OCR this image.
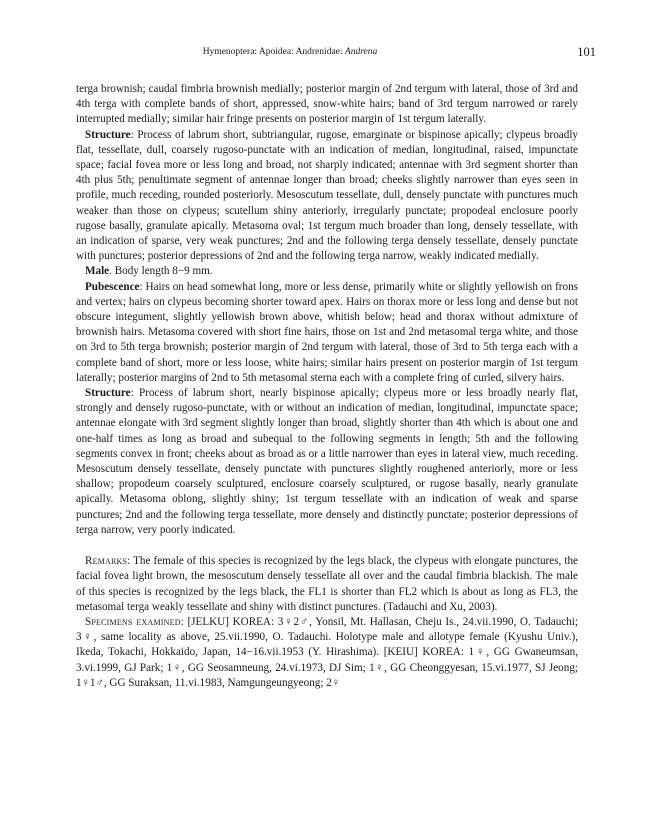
Hymenoptera: Apoidea: Andrenidae: Andrena	101

terga brownish; caudal fimbria brownish medially; posterior margin of 2nd tergum with lateral, those of 3rd and 4th terga with complete bands of short, appressed, snow-white hairs; band of 3rd tergum narrowed or rarely interrupted medially; similar hair fringe presents on posterior margin of 1st tergum laterally.

Structure: Process of labrum short, subtriangular, rugose, emarginate or bispinose apically; clypeus broadly flat, tessellate, dull, coarsely rugoso-punctate with an indication of median, longitudinal, raised, impunctate space; facial fovea more or less long and broad, not sharply indicated; antennae with 3rd segment shorter than 4th plus 5th; penultimate segment of antennae longer than broad; cheeks slightly narrower than eyes seen in profile, much receding, rounded posteriorly. Mesoscutum tessellate, dull, densely punctate with punctures much weaker than those on clypeus; scutellum shiny anteriorly, irregularly punctate; propodeal enclosure poorly rugose basally, granulate apically. Metasoma oval; 1st tergum much broader than long, densely tessellate, with an indication of sparse, very weak punctures; 2nd and the following terga densely tessellate, densely punctate with punctures; posterior depressions of 2nd and the following terga narrow, weakly indicated medially.

Male. Body length 8−9 mm.

Pubescence: Hairs on head somewhat long, more or less dense, primarily white or slightly yellowish on frons and vertex; hairs on clypeus becoming shorter toward apex. Hairs on thorax more or less long and dense but not obscure integument, slightly yellowish brown above, whitish below; head and thorax without admixture of brownish hairs. Metasoma covered with short fine hairs, those on 1st and 2nd metasomal terga white, and those on 3rd to 5th terga brownish; posterior margin of 2nd tergum with lateral, those of 3rd to 5th terga each with a complete band of short, more or less loose, white hairs; similar hairs present on posterior margin of 1st tergum laterally; posterior margins of 2nd to 5th metasomal sterna each with a complete fring of curled, silvery hairs.

Structure: Process of labrum short, nearly bispinose apically; clypeus more or less broadly nearly flat, strongly and densely rugoso-punctate, with or without an indication of median, longitudinal, impunctate space; antennae elongate with 3rd segment slightly longer than broad, slightly shorter than 4th which is about one and one-half times as long as broad and subequal to the following segments in length; 5th and the following segments convex in front; cheeks about as broad as or a little narrower than eyes in lateral view, much receding. Mesoscutum densely tessellate, densely punctate with punctures slightly roughened anteriorly, more or less shallow; propodeum coarsely sculptured, enclosure coarsely sculptured, or rugose basally, nearly granulate apically. Metasoma oblong, slightly shiny; 1st tergum tessellate with an indication of weak and sparse punctures; 2nd and the following terga tessellate, more densely and distinctly punctate; posterior depressions of terga narrow, very poorly indicated.

Remarks: The female of this species is recognized by the legs black, the clypeus with elongate punctures, the facial fovea light brown, the mesoscutum densely tessellate all over and the caudal fimbria blackish. The male of this species is recognized by the legs black, the FL1 is shorter than FL2 which is about as long as FL3, the metasomal terga weakly tessellate and shiny with distinct punctures. (Tadauchi and Xu, 2003).

Specimens examined: [JELKU] KOREA: 3♀2♂, Yonsil, Mt. Hallasan, Cheju Is., 24.vii.1990, O. Tadauchi; 3♀, same locality as above, 25.vii.1990, O. Tadauchi. Holotype male and allotype female (Kyushu Univ.), Ikeda, Tokachi, Hokkaido, Japan, 14−16.vii.1953 (Y. Hirashima). [KEIU] KOREA: 1♀, GG Gwaneumsan, 3.vi.1999, GJ Park; 1♀, GG Seosamneung, 24.vi.1973, DJ Sim; 1♀, GG Cheonggyesan, 15.vi.1977, SJ Jeong; 1♀1♂, GG Suraksan, 11.vi.1983, Namgungeungyeong; 2♀
